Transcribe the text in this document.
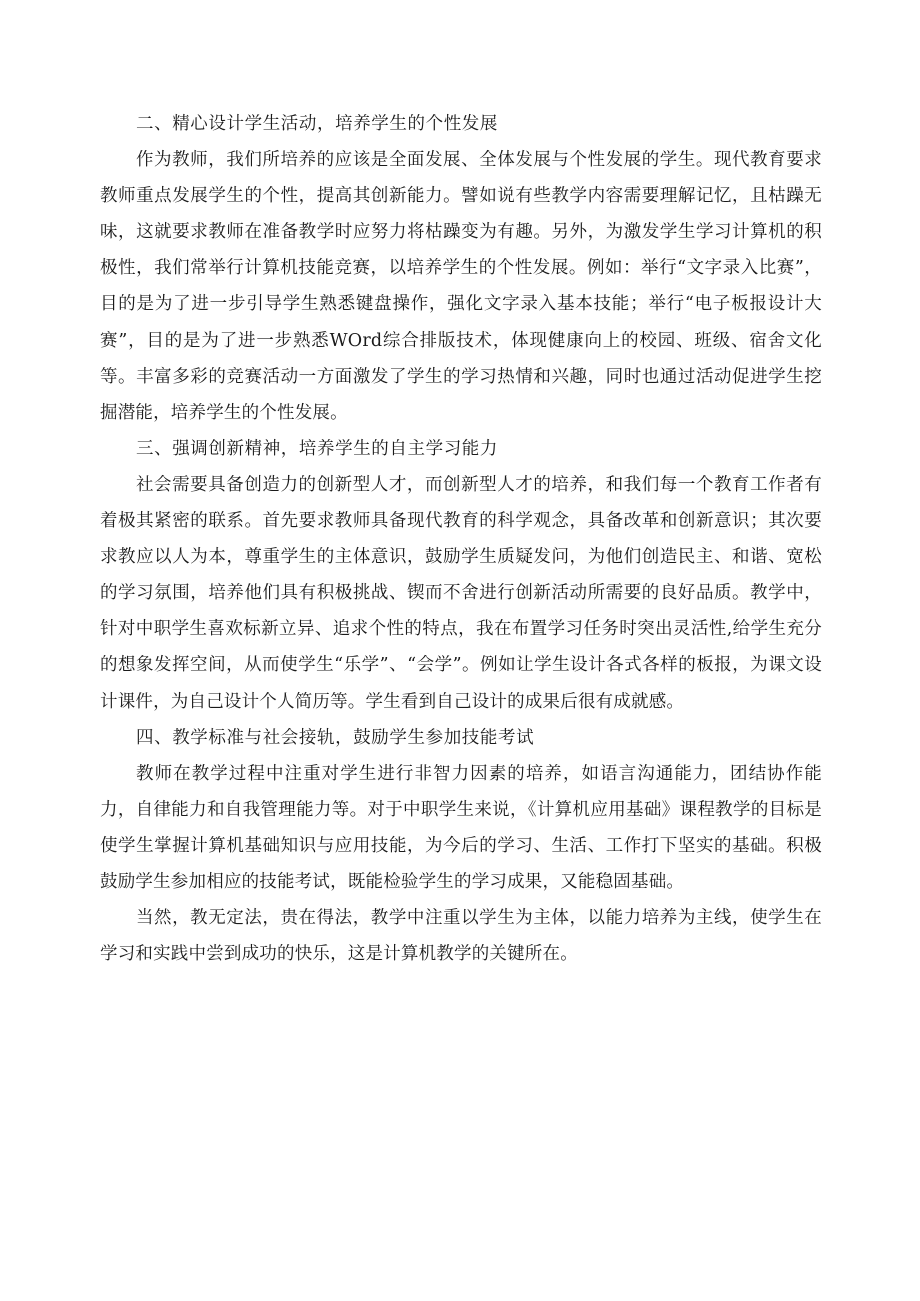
二、精心设计学生活动，培养学生的个性发展

作为教师，我们所培养的应该是全面发展、全体发展与个性发展的学生。现代教育要求教师重点发展学生的个性，提高其创新能力。譬如说有些教学内容需要理解记忆，且枯躁无味，这就要求教师在准备教学时应努力将枯躁变为有趣。另外，为激发学生学习计算机的积极性，我们常举行计算机技能竞赛，以培养学生的个性发展。例如：举行“文字录入比赛”，目的是为了进一步引导学生熟悉键盘操作，强化文字录入基本技能；举行“电子板报设计大赛”，目的是为了进一步熟悉WOrd综合排版技术，体现健康向上的校园、班级、宿舍文化等。丰富多彩的竞赛活动一方面激发了学生的学习热情和兴趣，同时也通过活动促进学生挖掘潜能，培养学生的个性发展。

三、强调创新精神，培养学生的自主学习能力

社会需要具备创造力的创新型人才，而创新型人才的培养，和我们每一个教育工作者有着极其紧密的联系。首先要求教师具备现代教育的科学观念，具备改革和创新意识；其次要求教应以人为本，尊重学生的主体意识，鼓励学生质疑发问，为他们创造民主、和谐、宽松的学习氛围，培养他们具有积极挑战、锲而不舍进行创新活动所需要的良好品质。教学中，针对中职学生喜欢标新立异、追求个性的特点，我在布置学习任务时突出灵活性,给学生充分的想象发挥空间，从而使学生“乐学”、“会学”。例如让学生设计各式各样的板报，为课文设计课件，为自己设计个人简历等。学生看到自己设计的成果后很有成就感。

四、教学标准与社会接轨，鼓励学生参加技能考试

教师在教学过程中注重对学生进行非智力因素的培养，如语言沟通能力，团结协作能力，自律能力和自我管理能力等。对于中职学生来说，《计算机应用基础》课程教学的目标是使学生掌握计算机基础知识与应用技能，为今后的学习、生活、工作打下坚实的基础。积极鼓励学生参加相应的技能考试，既能检验学生的学习成果，又能稳固基础。

当然，教无定法，贵在得法，教学中注重以学生为主体，以能力培养为主线，使学生在学习和实践中尝到成功的快乐，这是计算机教学的关键所在。
